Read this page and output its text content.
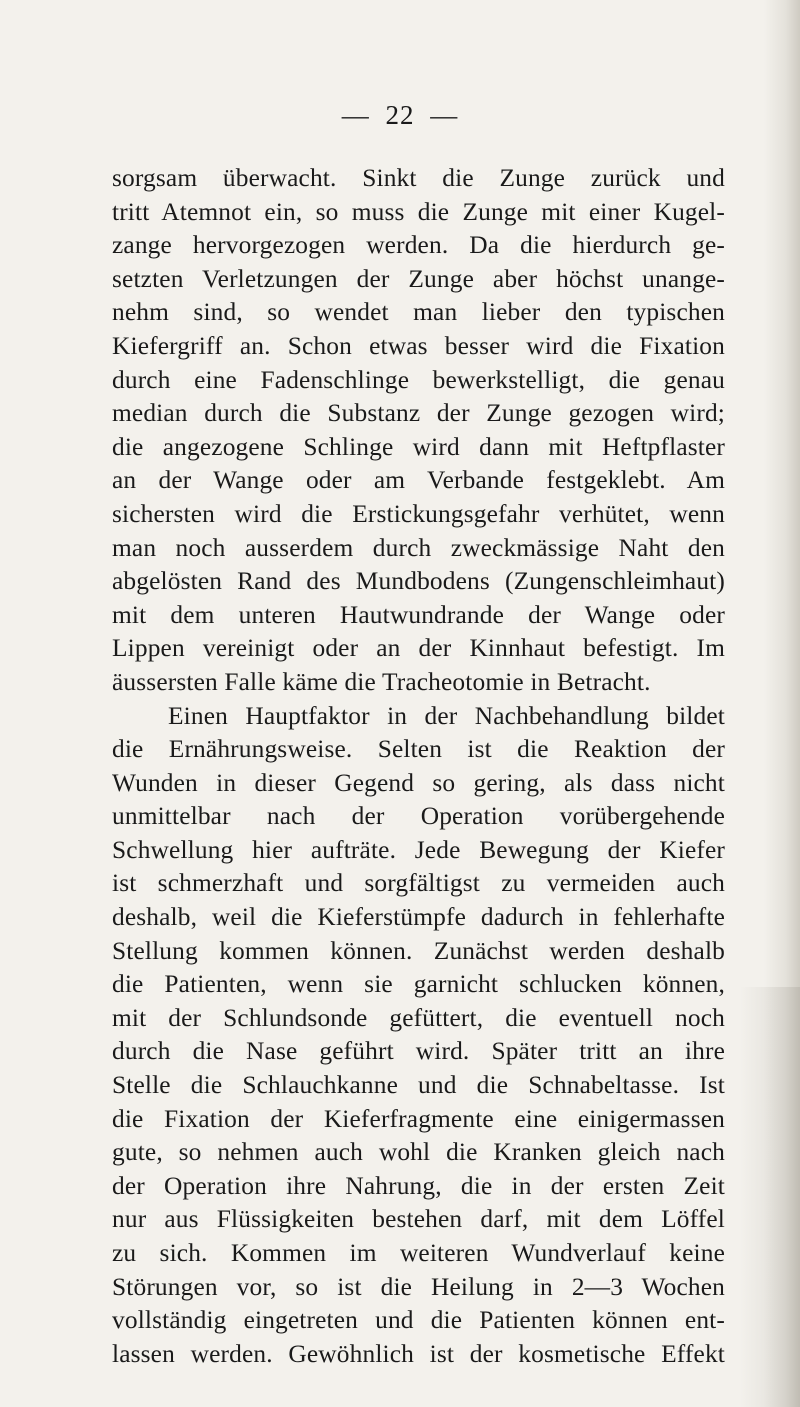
— 22 —
sorgsam überwacht. Sinkt die Zunge zurück und
tritt Atemnot ein, so muss die Zunge mit einer Kugel-
zange hervorgezogen werden. Da die hierdurch ge-
setzten Verletzungen der Zunge aber höchst unange-
nehm sind, so wendet man lieber den typischen
Kiefergriff an. Schon etwas besser wird die Fixation
durch eine Fadenschlinge bewerkstelligt, die genau
median durch die Substanz der Zunge gezogen wird;
die angezogene Schlinge wird dann mit Heftpflaster
an der Wange oder am Verbande festgeklebt. Am
sichersten wird die Erstickungsgefahr verhütet, wenn
man noch ausserdem durch zweckmässige Naht den
abgelösten Rand des Mundbodens (Zungenschleimhaut)
mit dem unteren Hautwundrande der Wange oder
Lippen vereinigt oder an der Kinnhaut befestigt. Im
äussersten Falle käme die Tracheotomie in Betracht.
Einen Hauptfaktor in der Nachbehandlung bildet
die Ernährungsweise. Selten ist die Reaktion der
Wunden in dieser Gegend so gering, als dass nicht
unmittelbar nach der Operation vorübergehende
Schwellung hier aufträte. Jede Bewegung der Kiefer
ist schmerzhaft und sorgfältigst zu vermeiden auch
deshalb, weil die Kieferstümpfe dadurch in fehlerhafte
Stellung kommen können. Zunächst werden deshalb
die Patienten, wenn sie garnicht schlucken können,
mit der Schlundsonde gefüttert, die eventuell noch
durch die Nase geführt wird. Später tritt an ihre
Stelle die Schlauchkanne und die Schnabeltasse. Ist
die Fixation der Kieferfragmente eine einigermassen
gute, so nehmen auch wohl die Kranken gleich nach
der Operation ihre Nahrung, die in der ersten Zeit
nur aus Flüssigkeiten bestehen darf, mit dem Löffel
zu sich. Kommen im weiteren Wundverlauf keine
Störungen vor, so ist die Heilung in 2—3 Wochen
vollständig eingetreten und die Patienten können ent-
lassen werden. Gewöhnlich ist der kosmetische Effekt
